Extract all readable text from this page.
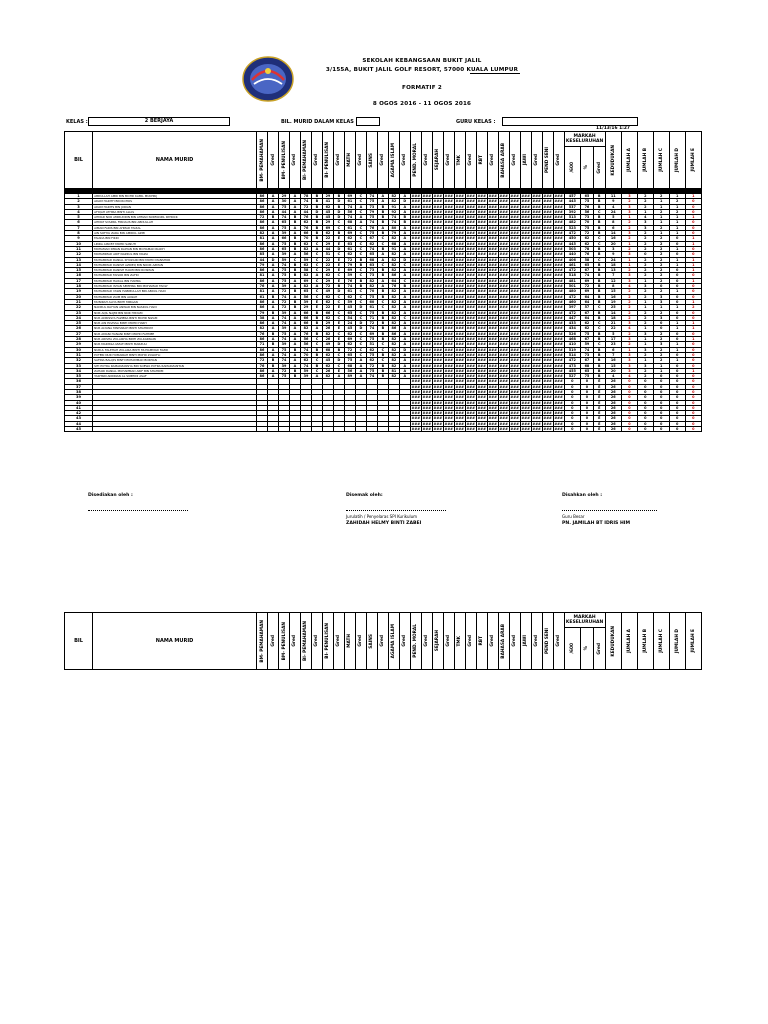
SEKOLAH KEBANGSAAN BUKIT JALIL
3/155A, BUKIT JALIL GOLF RESORT, 57000 KUALA LUMPUR
FORMATIF 2
8 OGOS 2016 - 11 OGOS 2016
KELAS :	2 BERJAYA	BIL. MURID DALAM KELAS	GURU KELAS :
11/13/16 1:27
BIL	NAMA MURID	BM- PEMAHAMAN	Gred	BM- PENULISAN	Gred	BI- PEMAHAMAN	Gred	BI- PENULISAN	Gred	MATH	Gred	SAINS	Gred	AGAMA ISLAM	Gred	PEND. MORAL	Gred	SEJARAH	Gred	TMK	Gred	RBT	Gred	BAHASA ARAB	Gred	JAWI	Gred	PEND SENI	Gred	MARKAH KESELURUHAN			KEDUDUKAN	JUMLAH A	JUMLAH B	JUMLAH C	JUMLAH D	JUMLAH E

																														/600	%	Gred						

1	ABDULLAH AMRI BIN MOHD KAMIL MUKHRIJ	86	A	29	A	78	B	29	B	69	C	74	A	82	A	###	###	###	###	###	###	###	###	###	###	###	###	###	###	457	65	B	11	3	2	2	1	1
2	ADAM HARITH BIN ROHOS	86	A	30	A	74	B	41	D	61	C	75	A	82	D	###	###	###	###	###	###	###	###	###	###	###	###	###	###	445	75	B	9	2	2	1	2	0
3	ADAM HARITS BIN JURIAN	86	A	75	A	72	B	62	B	74	A	73	B	91	A	###	###	###	###	###	###	###	###	###	###	###	###	###	###	537	76	B	4	3	2	1	1	0
4	AFIQAH ATHIRA BINTI ALIAS	86	A	44	A	44	D	45	D	56	C	79	B	92	A	###	###	###	###	###	###	###	###	###	###	###	###	###	###	392	56	C	24	3	1	2	2	0
5	AHMAD NUR AMIRUDDIN BIN AHMAD NURFADZIL PATRICK	72	B	74	B	76	B	45	D	74	A	75	B	74	B	###	###	###	###	###	###	###	###	###	###	###	###	###	###	513	73	B	5	1	4	1	1	1
6	AHMAT SYAZRIL FIRDAUS BIN ABDULLAH	86	A	65	B	62	B	29	C	68	A	74	B	74	B	###	###	###	###	###	###	###	###	###	###	###	###	###	###	482	70	B	8	2	3	1	1	0
7	AIMAN FARIS BIN AHMAD FAIZAL	86	A	75	A	76	B	69	C	61	C	76	A	80	A	###	###	###	###	###	###	###	###	###	###	###	###	###	###	523	75	B	6	2	3	2	1	0
8	AIN SOFIYA ZARA BIN AMIRUL AZMI	82	A	39	A	66	B	62	B	69	C	75	B	79	A	###	###	###	###	###	###	###	###	###	###	###	###	###	###	472	72	B	14	3	2	1	1	0
9	FAIADA BIN FIKRI	81	A	66	B	70	B	22	E	62	C	67	C	82	A	###	###	###	###	###	###	###	###	###	###	###	###	###	###	450	62	C	16	2	2	2	0	1
10	LINDA AINI BT MOHD SANUTI	86	A	75	B	62	C	29	E	63	C	62	C	68	A	###	###	###	###	###	###	###	###	###	###	###	###	###	###	445	62	C	20	1	2	2	0	1
11	MOHAMAD IMRAN RAIHAN BIN MOHAMAD RIADH	86	A	65	B	82	A	44	D	61	C	74	B	91	A	###	###	###	###	###	###	###	###	###	###	###	###	###	###	503	78	B	3	2	2	2	1	0
12	MOHAMMAD ARIF NAZRUL BIN MAZLI	85	A	39	A	56	C	51	C	62	C	65	A	82	A	###	###	###	###	###	###	###	###	###	###	###	###	###	###	440	76	B	9	3	0	2	0	0
13	MUHAMMAD DANIAL KHUZAIRI BIN MOHD MANSHOR	44	D	59	C	59	C	22	E	72	B	68	A	82	D	###	###	###	###	###	###	###	###	###	###	###	###	###	###	406	58	C	24	1	2	2	1	1
14	MUHAMMAD DANISH AZRIEQ BIN NOOR AZMAN	79	A	74	B	62	C	22	E	79	B	63	C	82	C	###	###	###	###	###	###	###	###	###	###	###	###	###	###	461	65	B	18	1	2	2	1	1
15	MUHAMMAD DANISH HAKIM BIN ROSMAN	86	A	75	B	58	C	29	E	69	C	73	B	82	A	###	###	###	###	###	###	###	###	###	###	###	###	###	###	472	67	B	13	2	2	2	0	1
16	MUHAMMAD FAISOR BIN ZAFRI	81	A	75	B	82	A	62	C	59	C	73	B	86	A	###	###	###	###	###	###	###	###	###	###	###	###	###	###	518	74	B	7	3	2	2	0	0
17	MUHAMMAD HAIKAL BIN HAMRA	86	A	75	A	69	C	29	E	76	B	82	A	64	C	###	###	###	###	###	###	###	###	###	###	###	###	###	###	481	69	B	12	3	1	2	0	1
18	MUHAMMAD ISHAN SEMPINA BIN MOHAMAD FADLY	76	A	39	A	82	A	72	B	74	B	82	A	76	B	###	###	###	###	###	###	###	###	###	###	###	###	###	###	501	72	B	8	4	3	0	0	0
19	MUHAMMAD YASIN HABIBULLAH BIN ABDUL HADI	81	A	72	B	65	C	49	D	61	C	70	B	82	A	###	###	###	###	###	###	###	###	###	###	###	###	###	###	480	69	B	15	2	2	2	1	0
20	MUHAMMAD ZAIM BIN ALWAH	61	B	74	A	56	C	62	C	62	C	75	B	82	A	###	###	###	###	###	###	###	###	###	###	###	###	###	###	472	64	B	16	2	2	3	0	0
21	MUNIRAH ALIYA BINTI MIRGAN	86	A	72	B	39	E	62	C	59	C	60	C	82	A	###	###	###	###	###	###	###	###	###	###	###	###	###	###	460	64	B	19	2	1	3	0	1
22	NADRUL RAYYAN ANWAR BIN NASRUL HADI	86	A	72	B	29	E	22	E	45	D	61	C	82	A	###	###	###	###	###	###	###	###	###	###	###	###	###	###	397	57	C	25	2	1	1	1	2
23	NOR AQIL NAJMI BIN NOR HISYAM	79	B	39	A	66	B	66	C	65	C	75	B	82	A	###	###	###	###	###	###	###	###	###	###	###	###	###	###	472	67	B	14	2	2	2	0	0
24	NUR ADRISSYA FAZIERA BINTI MOHD NIZAM	38	A	74	A	66	B	62	C	54	C	71	B	82	C	###	###	###	###	###	###	###	###	###	###	###	###	###	###	447	64	B	18	2	2	3	0	0
25	NUR AIN ELVISSA BINTI MOHD HARIY	86	A	74	A	66	B	29	E	24	D	72	B	82	A	###	###	###	###	###	###	###	###	###	###	###	###	###	###	433	62	C	21	3	2	0	1	1
26	NUR ALYANA MISHARAH BINTI SHAHRUM	82	A	39	A	82	A	26	E	45	D	74	B	86	A	###	###	###	###	###	###	###	###	###	###	###	###	###	###	434	62	C	22	4	1	0	1	1
27	NUR AMANI HANANI BINTI MOHD FAHMEE	76	B	75	A	76	B	82	C	62	C	69	B	86	A	###	###	###	###	###	###	###	###	###	###	###	###	###	###	526	75	B	5	2	3	2	0	0
28	NUR ARISHA ZULAIKHA BINTI ZULKARNAIN	86	A	74	A	56	C	26	E	69	C	75	B	82	A	###	###	###	###	###	###	###	###	###	###	###	###	###	###	468	67	B	17	3	1	2	0	1
29	NUR MARISSA IZZATI BINTI MARZULI	71	B	39	A	56	C	49	D	62	C	51	C	82	A	###	###	###	###	###	###	###	###	###	###	###	###	###	###	410	59	C	23	2	1	3	1	0
30	NURUL FALEHAH ZULAIKA BINTI MUHAMMAD FAZID	86	A	75	B	74	B	68	B	72	C	62	C	82	D	###	###	###	###	###	###	###	###	###	###	###	###	###	###	519	74	B	6	1	3	2	1	0
31	PUTERI NUR HUMAIRAH BINTI MOHD ZULKIFLI	86	A	74	A	70	B	62	C	65	C	75	B	82	A	###	###	###	###	###	###	###	###	###	###	###	###	###	###	514	73	B	7	3	2	2	0	0
32	SAFINA BALQIS BINTI MUHAMMAD BORHAN	72	B	74	A	62	C	45	D	75	A	62	C	82	A	###	###	###	###	###	###	###	###	###	###	###	###	###	###	472	67	B	16	3	1	2	1	0
33	SITI PUTRA RAMADZANSYA BIN SOEWA PUTRA RAMADZANTAN	76	B	39	A	74	B	62	C	68	A	72	B	82	A	###	###	###	###	###	###	###	###	###	###	###	###	###	###	473	68	B	15	3	3	1	0	0
34	ZAHARI DANIAL MUHAMMAD ARIF BIN SHAHRIM	86	A	72	B	59	C	26	E	56	A	75	B	81	A	###	###	###	###	###	###	###	###	###	###	###	###	###	###	455	65	B	20	3	2	1	0	1
35	TAKHSIN ANDRIAN AL SUBHIDI ASAF	86	A	75	B	39	A	82	A	89	A	74	B	82	A	###	###	###	###	###	###	###	###	###	###	###	###	###	###	527	75	B	4	4	2	0	0	0
36																###	###	###	###	###	###	###	###	###	###	###	###	###	###	0	0	E	26	0	0	0	0	0
37																###	###	###	###	###	###	###	###	###	###	###	###	###	###	0	0	E	26	0	0	0	0	0
38																###	###	###	###	###	###	###	###	###	###	###	###	###	###	0	0	E	26	0	0	0	0	0
39																###	###	###	###	###	###	###	###	###	###	###	###	###	###	0	0	E	26	0	0	0	0	0
40																###	###	###	###	###	###	###	###	###	###	###	###	###	###	0	0	E	26	0	0	0	0	0
41																###	###	###	###	###	###	###	###	###	###	###	###	###	###	0	0	E	26	0	0	0	0	0
42																###	###	###	###	###	###	###	###	###	###	###	###	###	###	0	0	E	26	0	0	0	0	0
43																###	###	###	###	###	###	###	###	###	###	###	###	###	###	0	0	E	26	0	0	0	0	0
44																###	###	###	###	###	###	###	###	###	###	###	###	###	###	0	0	E	26	0	0	0	0	0
45																###	###	###	###	###	###	###	###	###	###	###	###	###	###	0	0	E	26	0	0	0	0	0
Disediakan oleh :	Disemak oleh:
Jurulatih / Penyelaras SPI Kurikulum
ZAHIDAH HELMY BINTI ZABEI
Disahkan oleh :
Guru Besar
PN. JAMILAH BT IDRIS HIM
BIL	NAMA MURID	BM- PEMAHAMAN	Gred	BM- PENULISAN	Gred	BI- PEMAHAMAN	Gred	BI- PENULISAN	Gred	MATH	Gred	SAINS	Gred	AGAMA ISLAM	Gred	PEND. MORAL	Gred	SEJARAH	Gred	TMK	Gred	RBT	Gred	BAHASA ARAB	Gred	JAWI	Gred	PEND SENI	Gred	MARKAH KESELURUHAN			KEDUDUKAN	JUMLAH A	JUMLAH B	JUMLAH C	JUMLAH D	JUMLAH E

																														/600	%	Gred						
